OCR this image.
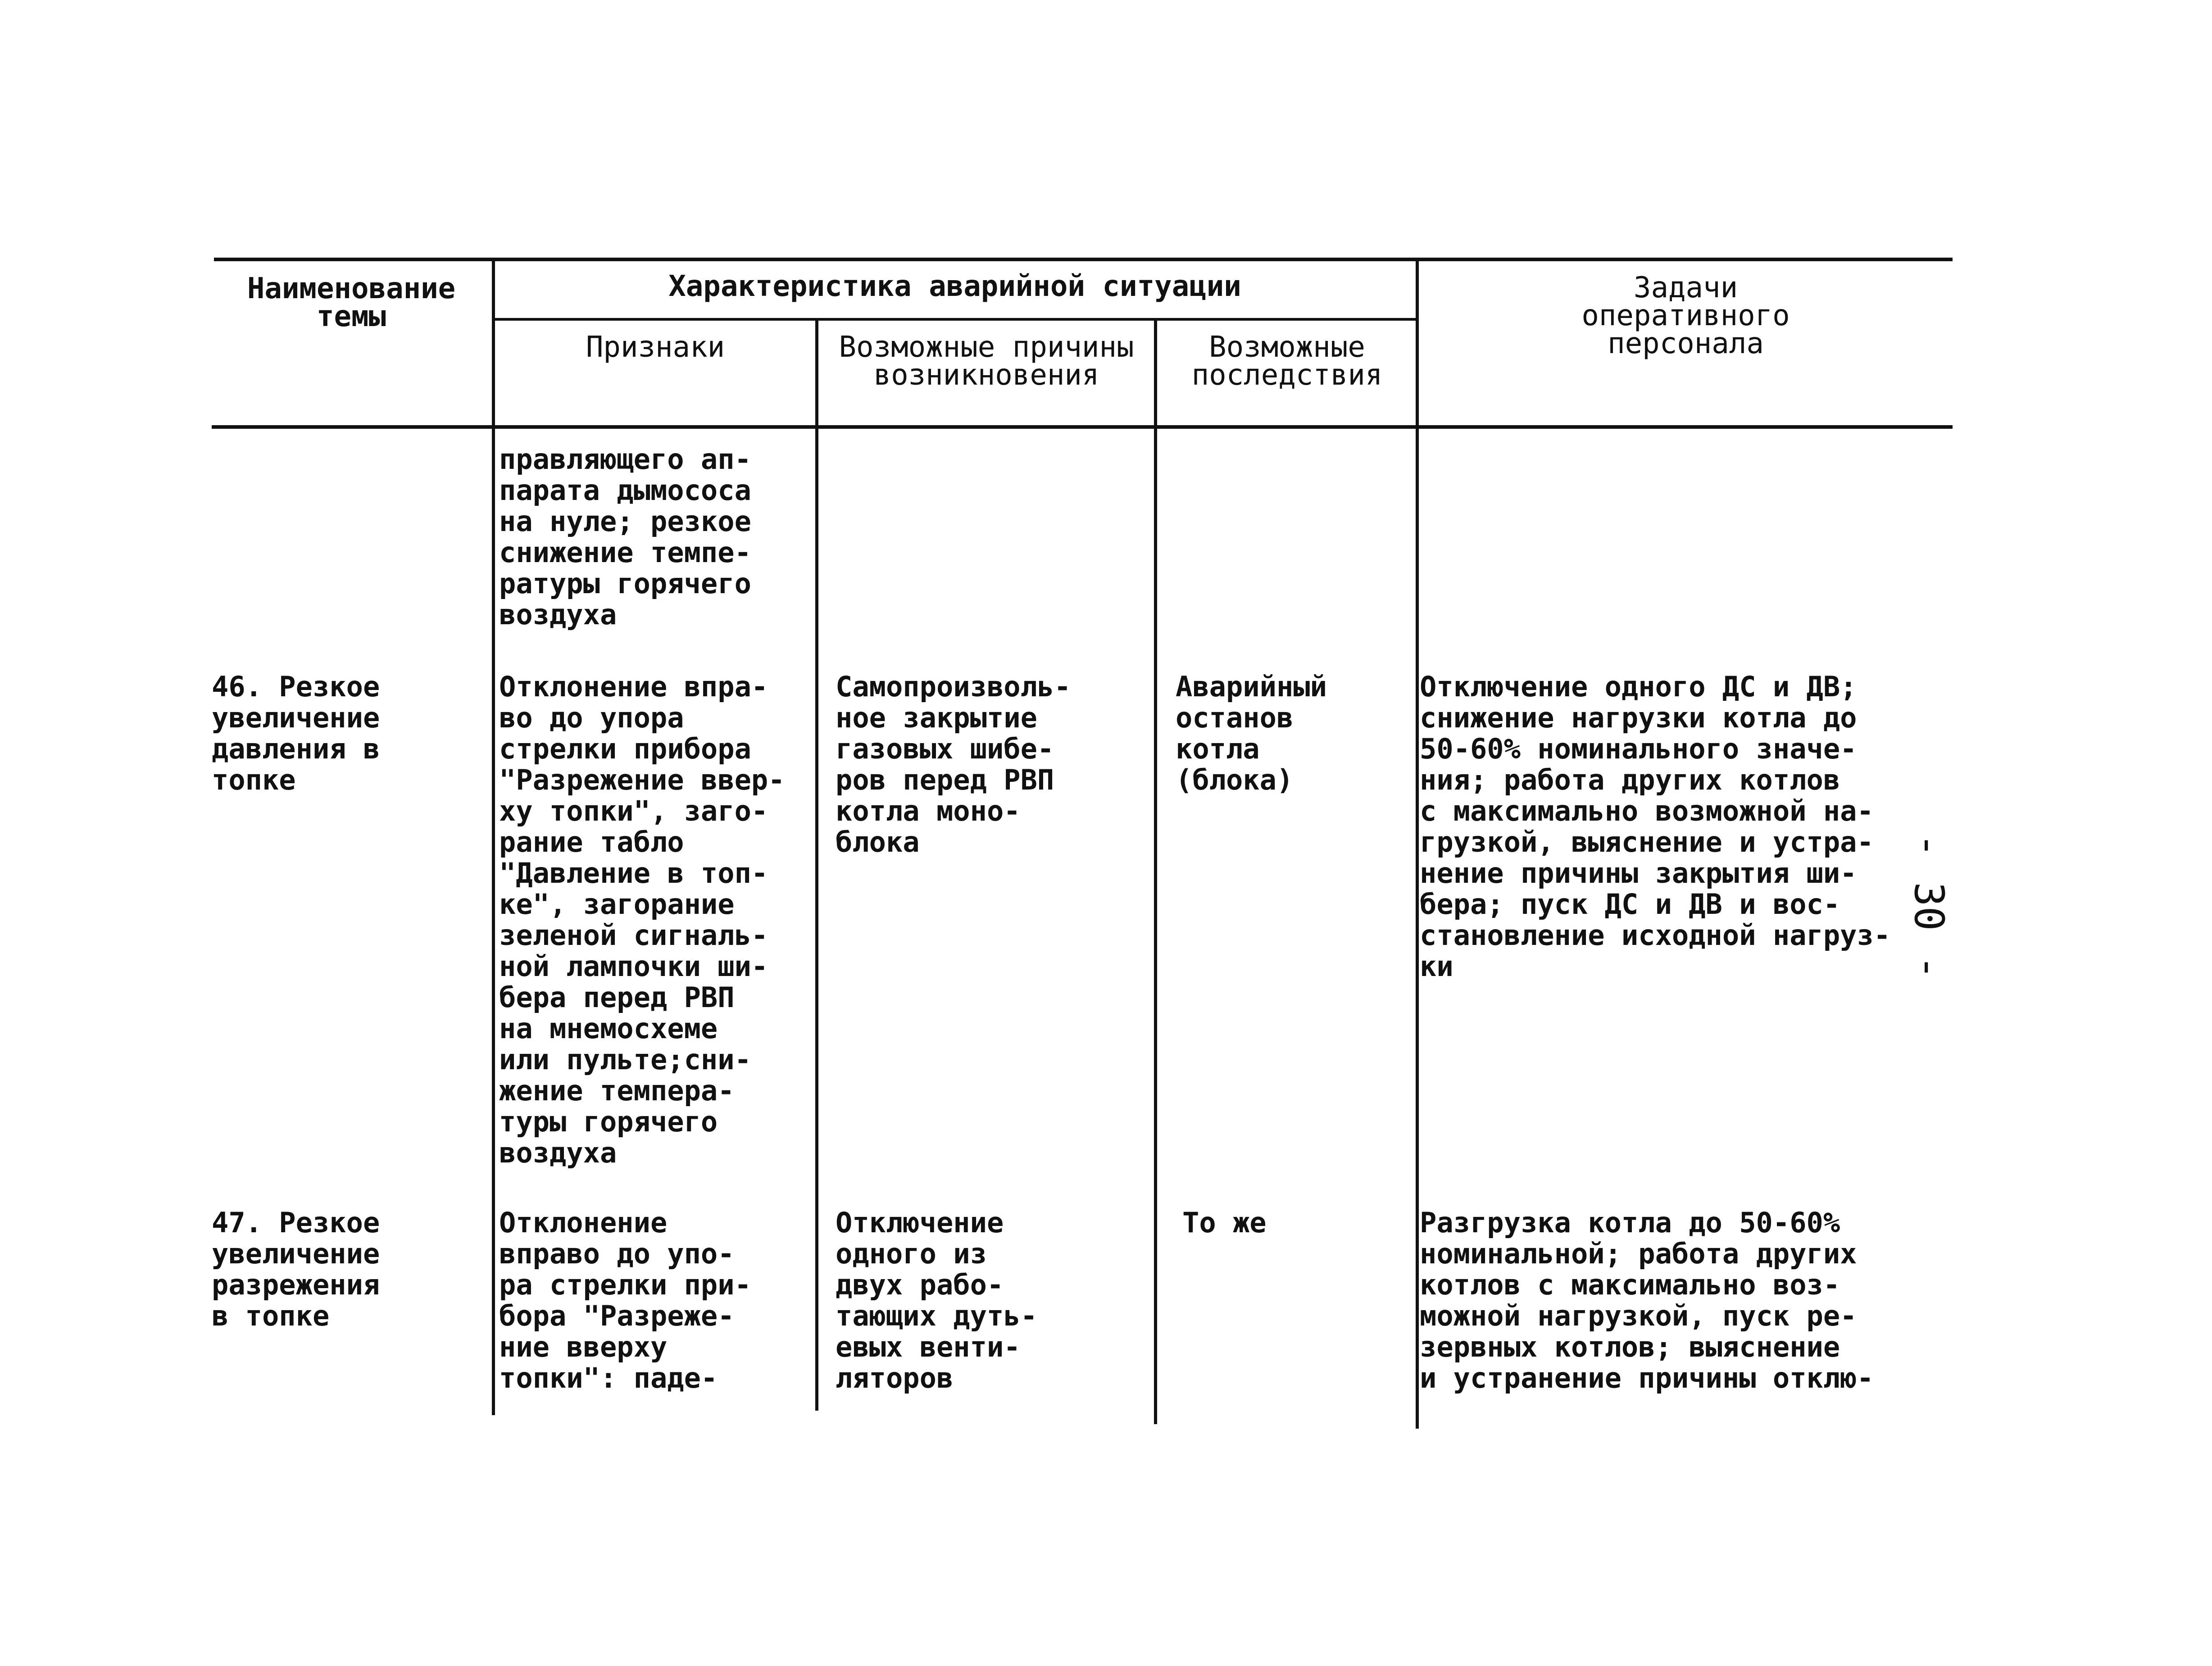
Наименование
темы
Характеристика аварийной ситуации
Признаки	Возможные причины
возникновения
Возможные
последствия
Задачи
оперативного
персонала
правляющего ап-
парата дымососа
на нуле; резкое
снижение темпе-
ратуры горячего
воздуха
46. Резкое
увеличение
давления в
топке
Отклонение впра-
во до упора
стрелки прибора
"Разрежение ввер-
ху топки", заго-
рание табло
"Давление в топ-
ке", загорание
зеленой сигналь-
ной лампочки ши-
бера перед РВП
на мнемосхеме
или пульте;сни-
жение темпера-
туры горячего
воздуха
Самопроизволь-
ное закрытие
газовых шибе-
ров перед РВП
котла моно-
блока
Аварийный
останов
котла
(блока)
Отключение одного ДС и ДВ;
снижение нагрузки котла до
50-60% номинального значе-
ния; работа других котлов
с максимально возможной на-
грузкой, выяснение и устра-
нение причины закрытия ши-
бера; пуск ДС и ДВ и вос-
становление исходной нагруз-
ки
47. Резкое
увеличение
разрежения
в топке
Отклонение
вправо до упо-
ра стрелки при-
бора "Разреже-
ние вверху
топки": паде-
Отключение
одного из
двух рабо-
тающих дуть-
евых венти-
ляторов
То же	Разгрузка котла до 50-60%
номинальной; работа других
котлов с максимально воз-
можной нагрузкой, пуск ре-
зервных котлов; выяснение
и устранение причины отклю-
- 30 -
